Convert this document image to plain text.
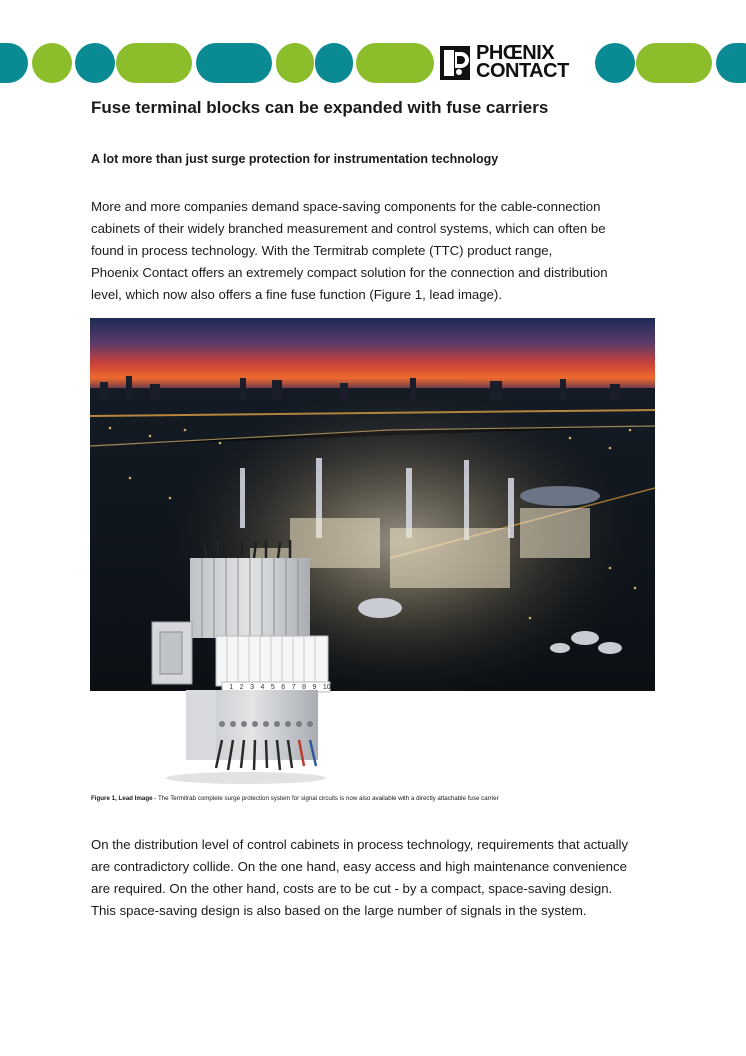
PHŒNIX
CONTACT
Fuse terminal blocks can be expanded with fuse carriers
A lot more than just surge protection for instrumentation technology

More and more companies demand space-saving components for the cable-connection
cabinets of their widely branched measurement and control systems, which can often be
found in process technology. With the Termitrab complete (TTC) product range,
Phoenix Contact offers an extremely compact solution for the connection and distribution
level, which now also offers a fine fuse function (Figure 1, lead image).

1 2 3 4 5 6 7 8 9 10
Figure 1, Lead Image - The Termitrab complete surge protection system for signal circuits is now also available with a directly attachable fuse carrier

On the distribution level of control cabinets in process technology, requirements that actually
are contradictory collide. On the one hand, easy access and high maintenance convenience
are required. On the other hand, costs are to be cut - by a compact, space-saving design.
This space-saving design is also based on the large number of signals in the system.
